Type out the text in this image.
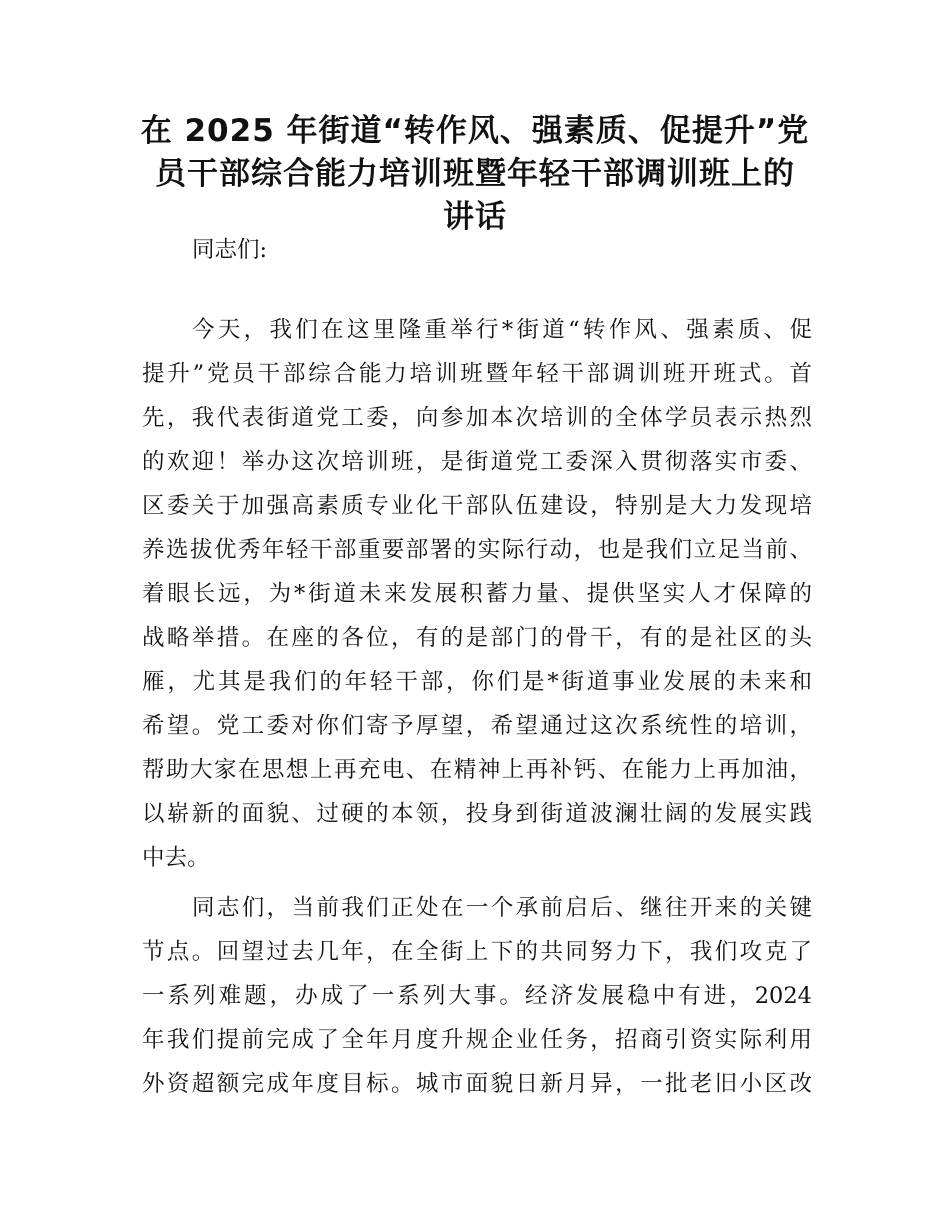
在 2025 年街道“转作风、强素质、促提升”党
员干部综合能力培训班暨年轻干部调训班上的
讲话
同志们:
今天，我们在这里隆重举行*街道“转作风、强素质、促
提升”党员干部综合能力培训班暨年轻干部调训班开班式。首
先，我代表街道党工委，向参加本次培训的全体学员表示热烈
的欢迎！举办这次培训班，是街道党工委深入贯彻落实市委、
区委关于加强高素质专业化干部队伍建设，特别是大力发现培
养选拔优秀年轻干部重要部署的实际行动，也是我们立足当前、
着眼长远，为*街道未来发展积蓄力量、提供坚实人才保障的
战略举措。在座的各位，有的是部门的骨干，有的是社区的头
雁，尤其是我们的年轻干部，你们是*街道事业发展的未来和
希望。党工委对你们寄予厚望，希望通过这次系统性的培训，
帮助大家在思想上再充电、在精神上再补钙、在能力上再加油，
以崭新的面貌、过硬的本领，投身到街道波澜壮阔的发展实践
中去。
同志们，当前我们正处在一个承前启后、继往开来的关键
节点。回望过去几年，在全街上下的共同努力下，我们攻克了
一系列难题，办成了一系列大事。经济发展稳中有进，2024
年我们提前完成了全年月度升规企业任务，招商引资实际利用
外资超额完成年度目标。城市面貌日新月异，一批老旧小区改
